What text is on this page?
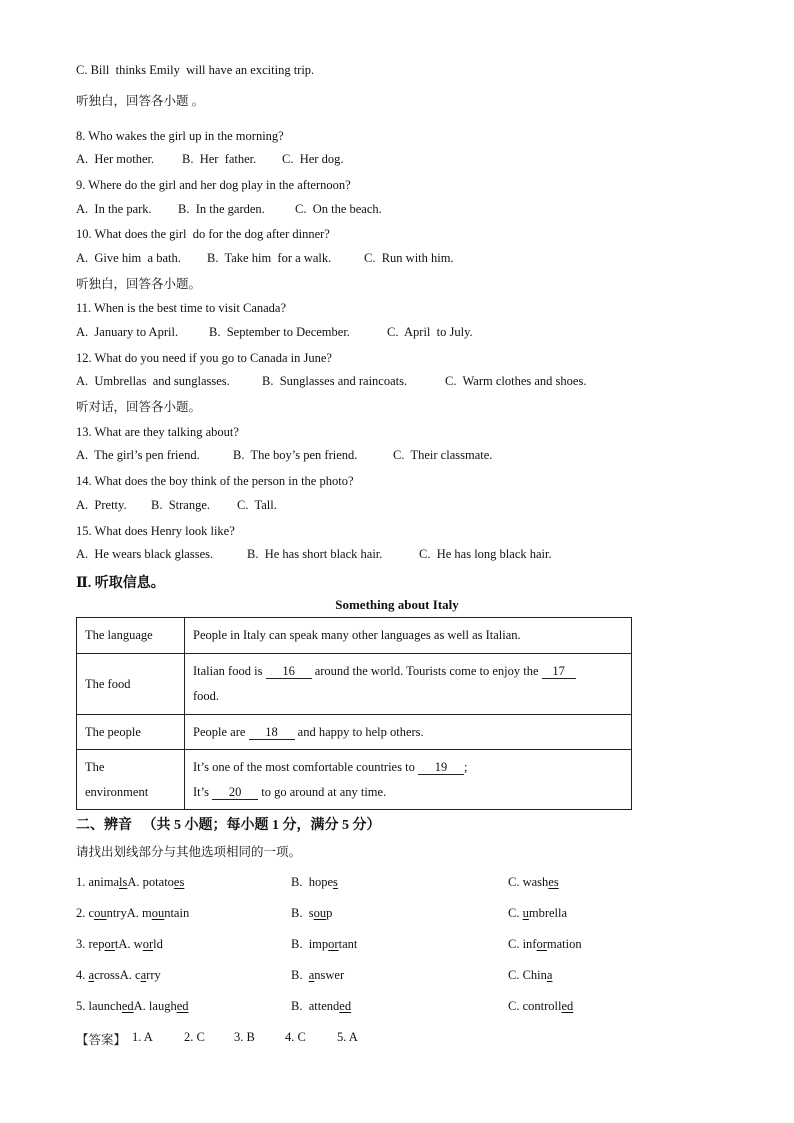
C. Bill  thinks Emily  will have an exciting trip.
听独白，回答各小题 。
8. Who wakes the girl up in the morning?
A.  Her mother. B.  Her  father. C.  Her dog.
9. Where do the girl and her dog play in the afternoon?
A.  In the park. B.  In the garden. C.  On the beach.
10. What does the girl  do for the dog after dinner?
A.  Give him  a bath. B.  Take him  for a walk.	C.  Run with him.
听独白，回答各小题。
11. When is the best time to visit Canada?
A.  January to April. B.  September to December.	C.  April  to July.
12. What do you need if you go to Canada in June?
A.  Umbrellas  and sunglasses.	B.  Sunglasses and raincoats.	C.  Warm clothes and shoes.
听对话，回答各小题。
13. What are they talking about?
A.  The girl’s pen friend.	B.  The boy’s pen friend.	C.  Their classmate.
14. What does the boy think of the person in the photo?
A.  Pretty. B.  Strange. C.  Tall.
15. What does Henry look like?
A.  He wears black glasses.	B.  He has short black hair.	C.  He has long black hair.
Ⅱ. 听取信息。
Something about Italy
The language	People in Italy can speak many other languages as well as Italian.
The food	Italian food is 16 around the world. Tourists come to enjoy the 17
food.
The people	People are 18 and happy to help others.
The
environment	It’s one of the most comfortable countries to 19 ;
It’s 20 to go around at any time.
二、辨音   （共 5 小题；每小题 1 分，满分 5 分）
请找出划线部分与其他选项相同的一项。
1. animalsA. potatoes	B.  hopes	C. washes
2. countryA. mountain	B.  soup	C. umbrella
3. reportA. world	B.  important	C. information
4. acrossA. carry	B.  answer	C. China
5. launchedA. laughed	B.  attended	C. controlled
【答案】 1. A 2. C 3. B 4. C 5. A
